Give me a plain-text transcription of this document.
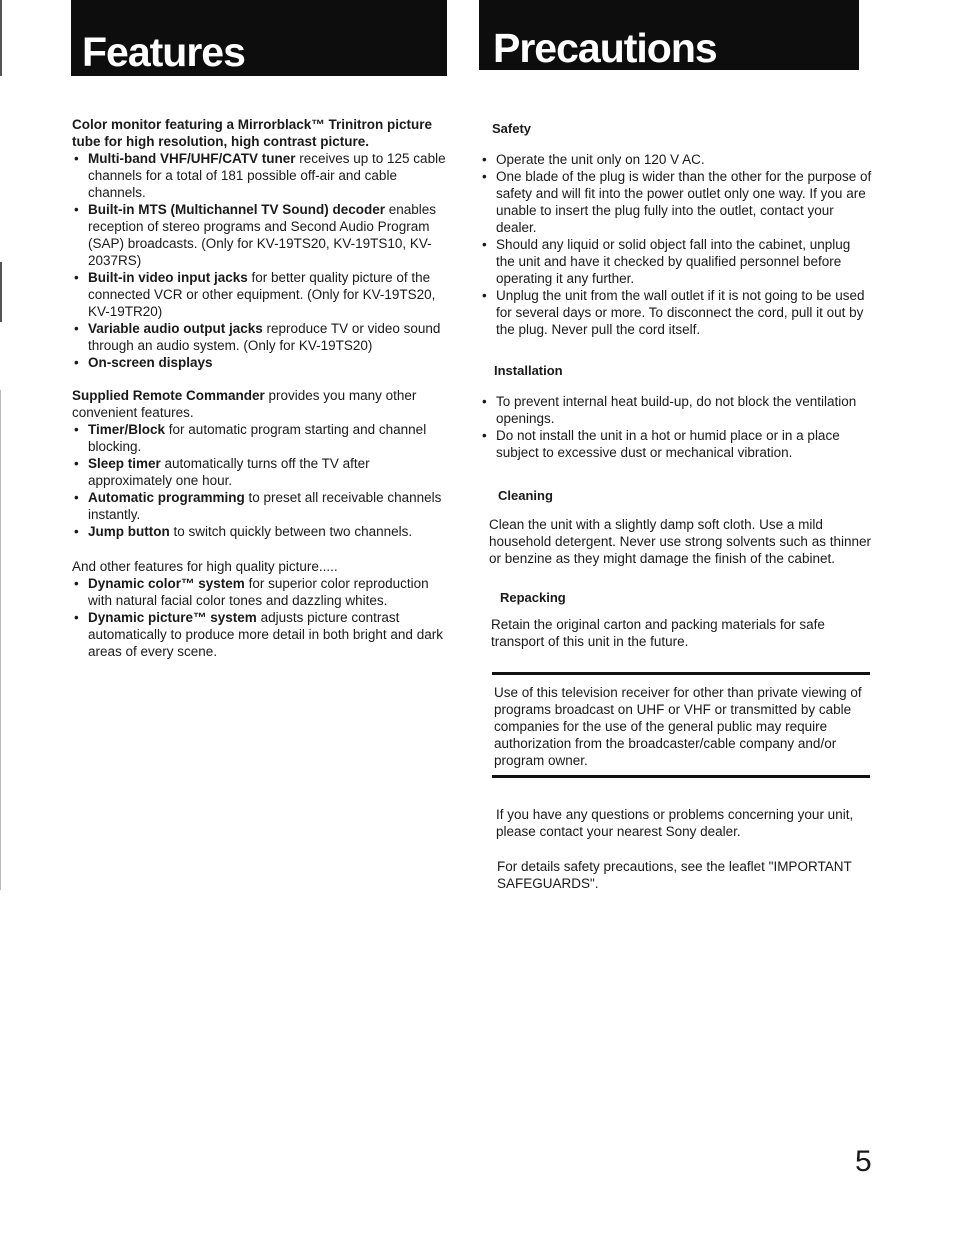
Features	Precautions

Color monitor featuring a Mirrorblack™ Trinitron picture tube for high resolution, high contrast picture.

• Multi-band VHF/UHF/CATV tuner receives up to 125 cable channels for a total of 181 possible off-air and cable channels.
• Built-in MTS (Multichannel TV Sound) decoder enables reception of stereo programs and Second Audio Program (SAP) broadcasts. (Only for KV-19TS20, KV-19TS10, KV-2037RS)
• Built-in video input jacks for better quality picture of the connected VCR or other equipment. (Only for KV-19TS20, KV-19TR20)
• Variable audio output jacks reproduce TV or video sound through an audio system. (Only for KV-19TS20)
• On-screen displays

Supplied Remote Commander provides you many other convenient features.

• Timer/Block for automatic program starting and channel blocking.
• Sleep timer automatically turns off the TV after approximately one hour.
• Automatic programming to preset all receivable channels instantly.
• Jump button to switch quickly between two channels.

And other features for high quality picture.....

• Dynamic color™ system for superior color reproduction with natural facial color tones and dazzling whites.
• Dynamic picture™ system adjusts picture contrast automatically to produce more detail in both bright and dark areas of every scene.

Safety

• Operate the unit only on 120 V AC.
• One blade of the plug is wider than the other for the purpose of safety and will fit into the power outlet only one way. If you are unable to insert the plug fully into the outlet, contact your dealer.
• Should any liquid or solid object fall into the cabinet, unplug the unit and have it checked by qualified personnel before operating it any further.
• Unplug the unit from the wall outlet if it is not going to be used for several days or more. To disconnect the cord, pull it out by the plug. Never pull the cord itself.

Installation

• To prevent internal heat build-up, do not block the ventilation openings.
• Do not install the unit in a hot or humid place or in a place subject to excessive dust or mechanical vibration.

Cleaning

Clean the unit with a slightly damp soft cloth. Use a mild household detergent. Never use strong solvents such as thinner or benzine as they might damage the finish of the cabinet.

Repacking

Retain the original carton and packing materials for safe transport of this unit in the future.

Use of this television receiver for other than private viewing of programs broadcast on UHF or VHF or transmitted by cable companies for the use of the general public may require authorization from the broadcaster/cable company and/or program owner.

If you have any questions or problems concerning your unit, please contact your nearest Sony dealer.

For details safety precautions, see the leaflet "IMPORTANT SAFEGUARDS".

5
